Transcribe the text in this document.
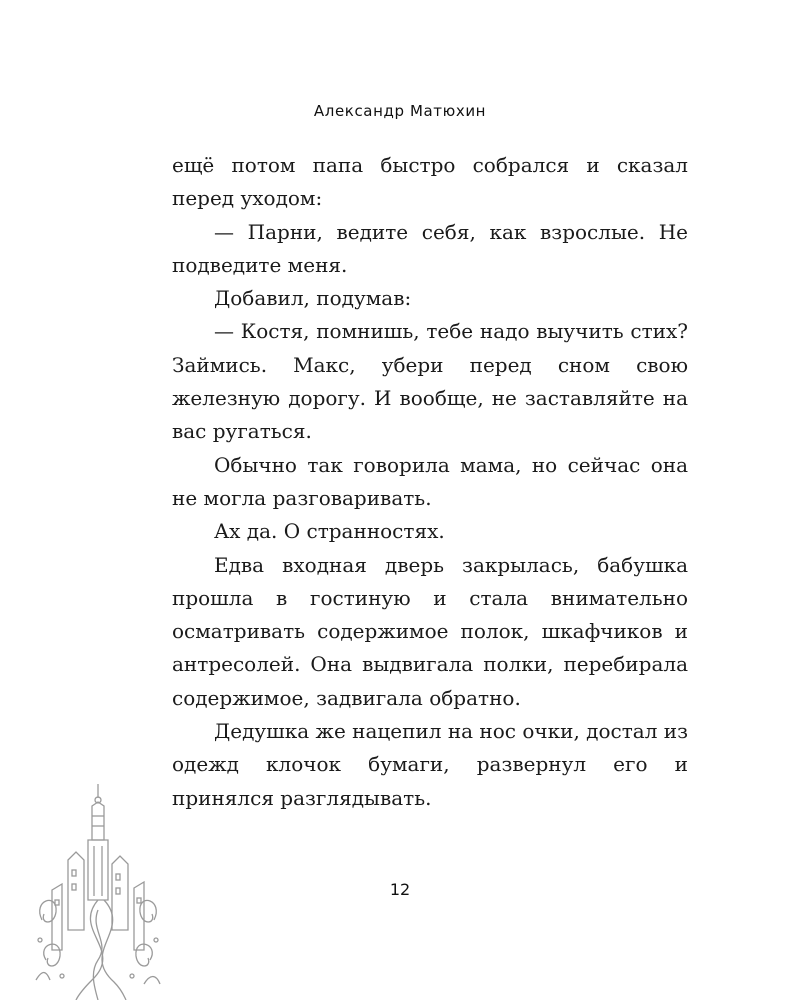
Александр Матюхин

ещё потом папа быстро собрался и сказал перед уходом:

— Парни, ведите себя, как взрослые. Не подведите меня.

Добавил, подумав:

— Костя, помнишь, тебе надо выучить стих? Займись. Макс, убери перед сном свою железную дорогу. И вообще, не заставляйте на вас ругаться.

Обычно так говорила мама, но сейчас она не могла разговаривать.

Ах да. О странностях.

Едва входная дверь закрылась, бабушка прошла в гостиную и стала внимательно осматривать содержимое полок, шкафчиков и антресолей. Она выдвигала полки, перебирала содержимое, задвигала обратно.

Дедушка же нацепил на нос очки, достал из одежд клочок бумаги, развернул его и принялся разглядывать.

12
